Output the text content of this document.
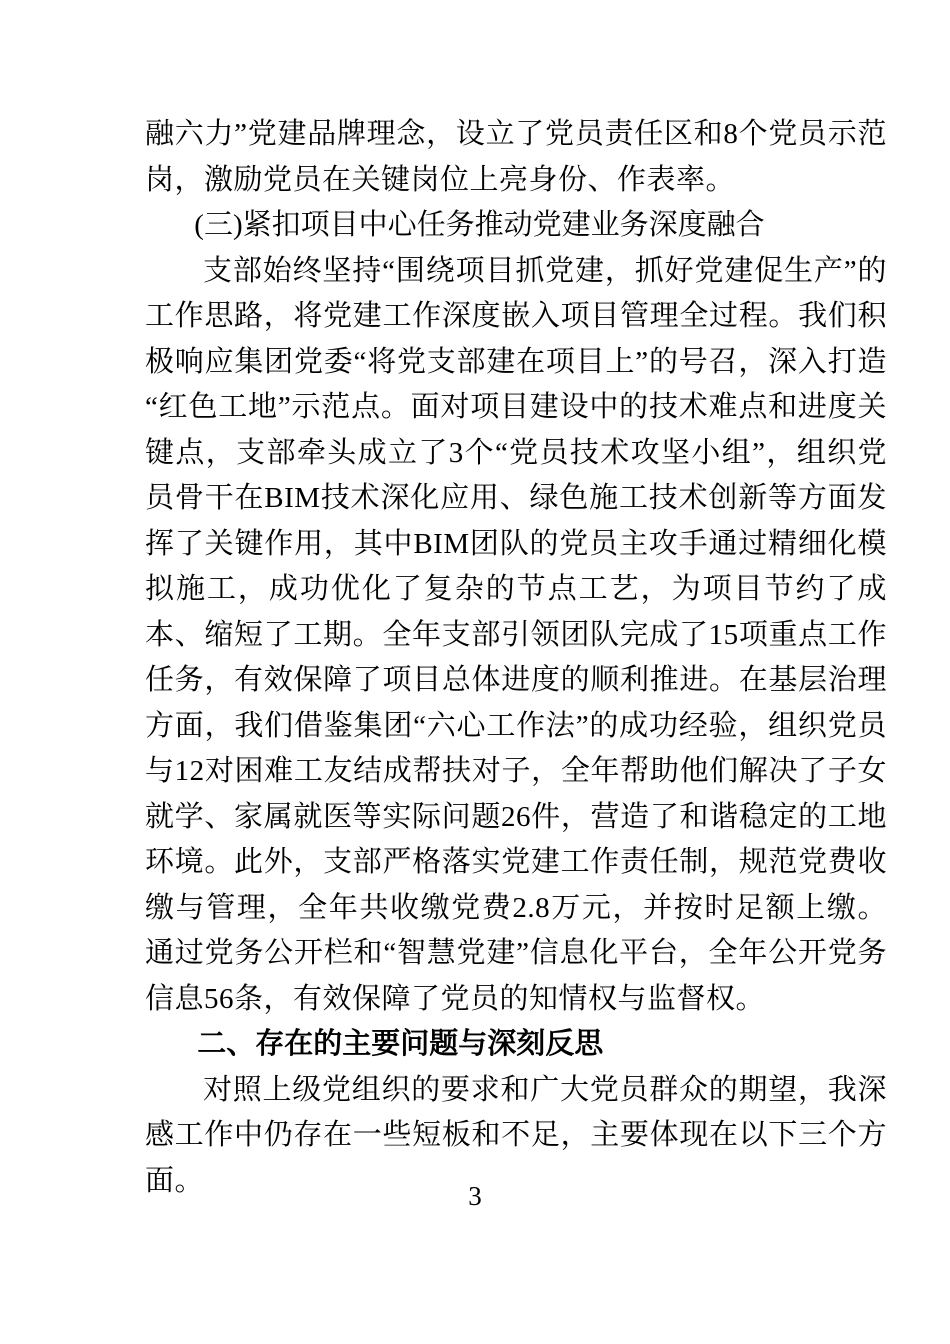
融六力”党建品牌理念，设立了党员责任区和8个党员示范岗，激励党员在关键岗位上亮身份、作表率。

(三)紧扣项目中心任务推动党建业务深度融合

支部始终坚持“围绕项目抓党建，抓好党建促生产”的工作思路，将党建工作深度嵌入项目管理全过程。我们积极响应集团党委“将党支部建在项目上”的号召，深入打造“红色工地”示范点。面对项目建设中的技术难点和进度关键点，支部牵头成立了3个“党员技术攻坚小组”，组织党员骨干在BIM技术深化应用、绿色施工技术创新等方面发挥了关键作用，其中BIM团队的党员主攻手通过精细化模拟施工，成功优化了复杂的节点工艺，为项目节约了成本、缩短了工期。全年支部引领团队完成了15项重点工作任务，有效保障了项目总体进度的顺利推进。在基层治理方面，我们借鉴集团“六心工作法”的成功经验，组织党员与12对困难工友结成帮扶对子，全年帮助他们解决了子女就学、家属就医等实际问题26件，营造了和谐稳定的工地环境。此外，支部严格落实党建工作责任制，规范党费收缴与管理，全年共收缴党费2.8万元，并按时足额上缴。通过党务公开栏和“智慧党建”信息化平台，全年公开党务信息56条，有效保障了党员的知情权与监督权。

二、存在的主要问题与深刻反思

对照上级党组织的要求和广大党员群众的期望，我深感工作中仍存在一些短板和不足，主要体现在以下三个方面。	3
